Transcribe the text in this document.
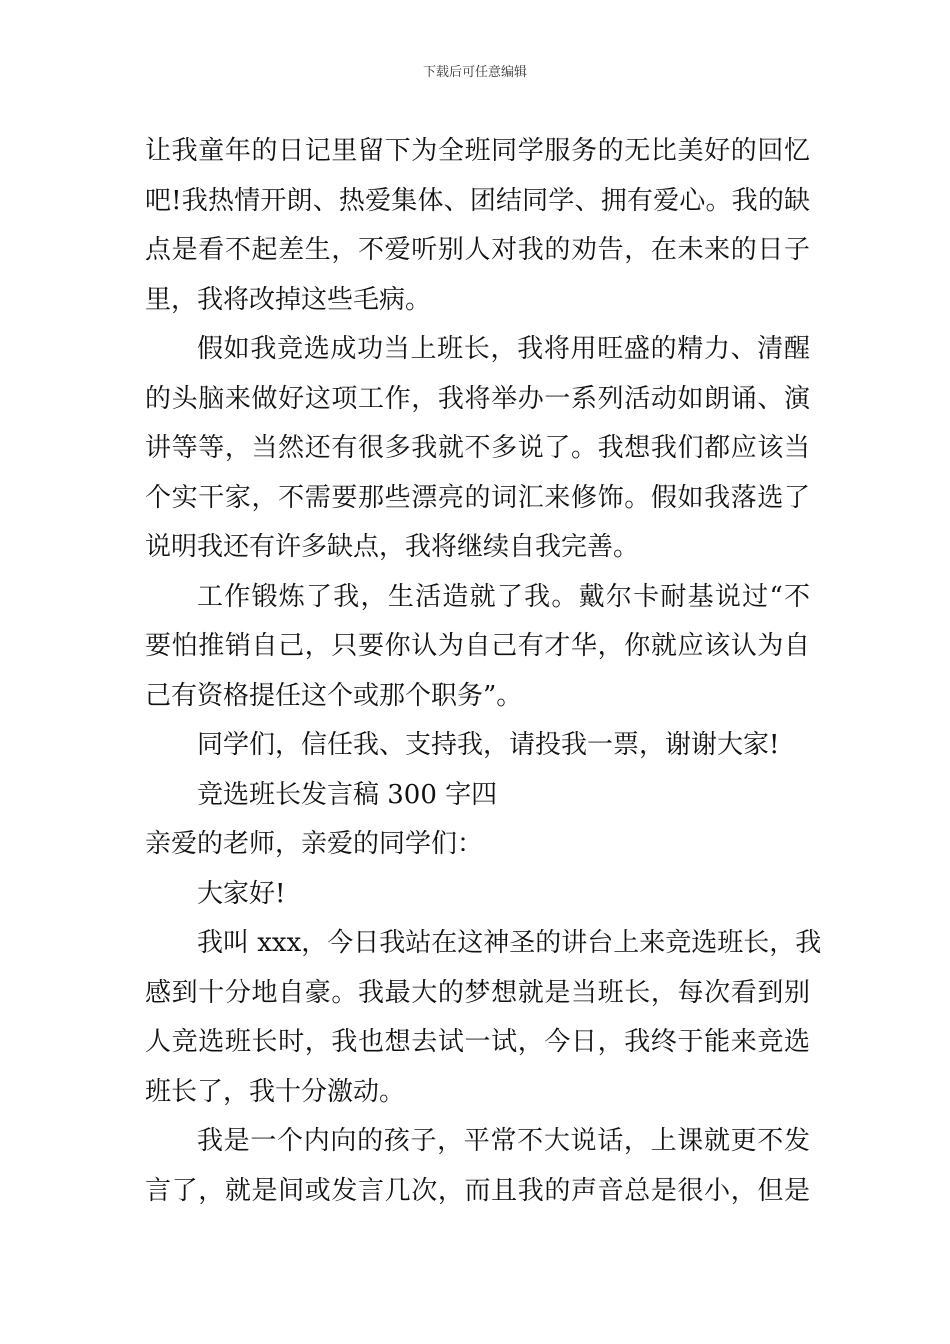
下载后可任意编辑
让我童年的日记里留下为全班同学服务的无比美好的回忆
吧!我热情开朗、热爱集体、团结同学、拥有爱心。我的缺
点是看不起差生，不爱听别人对我的劝告，在未来的日子
里，我将改掉这些毛病。
假如我竞选成功当上班长，我将用旺盛的精力、清醒
的头脑来做好这项工作，我将举办一系列活动如朗诵、演
讲等等，当然还有很多我就不多说了。我想我们都应该当
个实干家，不需要那些漂亮的词汇来修饰。假如我落选了
说明我还有许多缺点，我将继续自我完善。
工作锻炼了我，生活造就了我。戴尔卡耐基说过“不
要怕推销自己，只要你认为自己有才华，你就应该认为自
己有资格提任这个或那个职务”。
同学们，信任我、支持我，请投我一票，谢谢大家!
竞选班长发言稿 300 字四
亲爱的老师，亲爱的同学们：
大家好!
我叫 xxx，今日我站在这神圣的讲台上来竞选班长，我
感到十分地自豪。我最大的梦想就是当班长，每次看到别
人竞选班长时，我也想去试一试，今日，我终于能来竞选
班长了，我十分激动。
我是一个内向的孩子，平常不大说话，上课就更不发
言了，就是间或发言几次，而且我的声音总是很小，但是
